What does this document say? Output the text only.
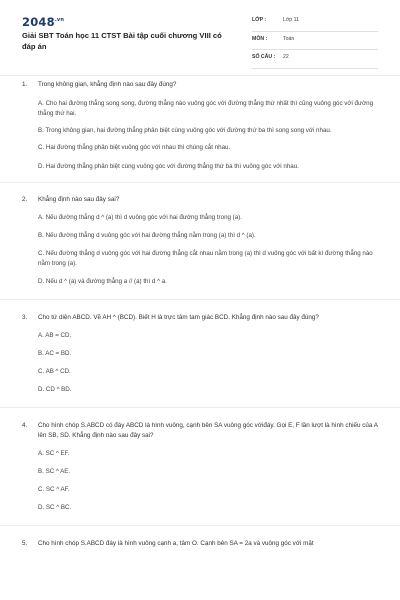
$2048^{.vn}$
Giải SBT Toán học 11 CTST Bài tập cuối chương VIII có đáp án
LỚP :	Lớp 11
MÔN :	Toán
SỐ CÂU : 22
1. Trong không gian, khẳng định nào sau đây đúng?
A. Cho hai đường thẳng song song, đường thẳng nào vuông góc với đường thẳng thứ nhất thì cũng vuông góc với đường thẳng thứ hai.
B. Trong không gian, hai đường thẳng phân biệt cùng vuông góc với đường thứ ba thì song song với nhau.
C. Hai đường thẳng phân biệt vuông góc với nhau thì chúng cắt nhau.
D. Hai đường thẳng phân biệt cùng vuông góc với đường thẳng thứ ba thì vuông góc với nhau.
2. Khẳng định nào sau đây sai?
A. Nếu đường thẳng d ^ (a) thì d vuông góc với hai đường thẳng trong (a).
B. Nếu đường thẳng d vuông góc với hai đường thẳng nằm trong (a) thì d ^ (a).
C. Nếu đường thẳng d vuông góc với hai đường thẳng cắt nhau nằm trong (a) thì d vuông góc với bất kì đường thẳng nào nằm trong (a).
D. Nếu d ^ (a) và đường thẳng a // (a) thì d ^ a.
3. Cho tứ diện ABCD. Vẽ AH ^ (BCD). Biết H là trực tâm tam giác BCD. Khẳng định nào sau đây đúng?
A. AB = CD.
B. AC = BD.
C. AB ^ CD.
D. CD ^ BD.
4. Cho hình chóp S.ABCD có đáy ABCD là hình vuông, cạnh bên SA vuông góc vớiđáy. Gọi E, F lần lượt là hình chiếu của A lên SB, SD. Khẳng định nào sau đây sai?
A. SC ^ EF.
B. SC ^ AE.
C. SC ^ AF.
D. SC ^ BC.
5. Cho hình chóp S.ABCD đáy là hình vuông cạnh a, tâm O. Cạnh bên SA = 2a và vuông góc với mặt
